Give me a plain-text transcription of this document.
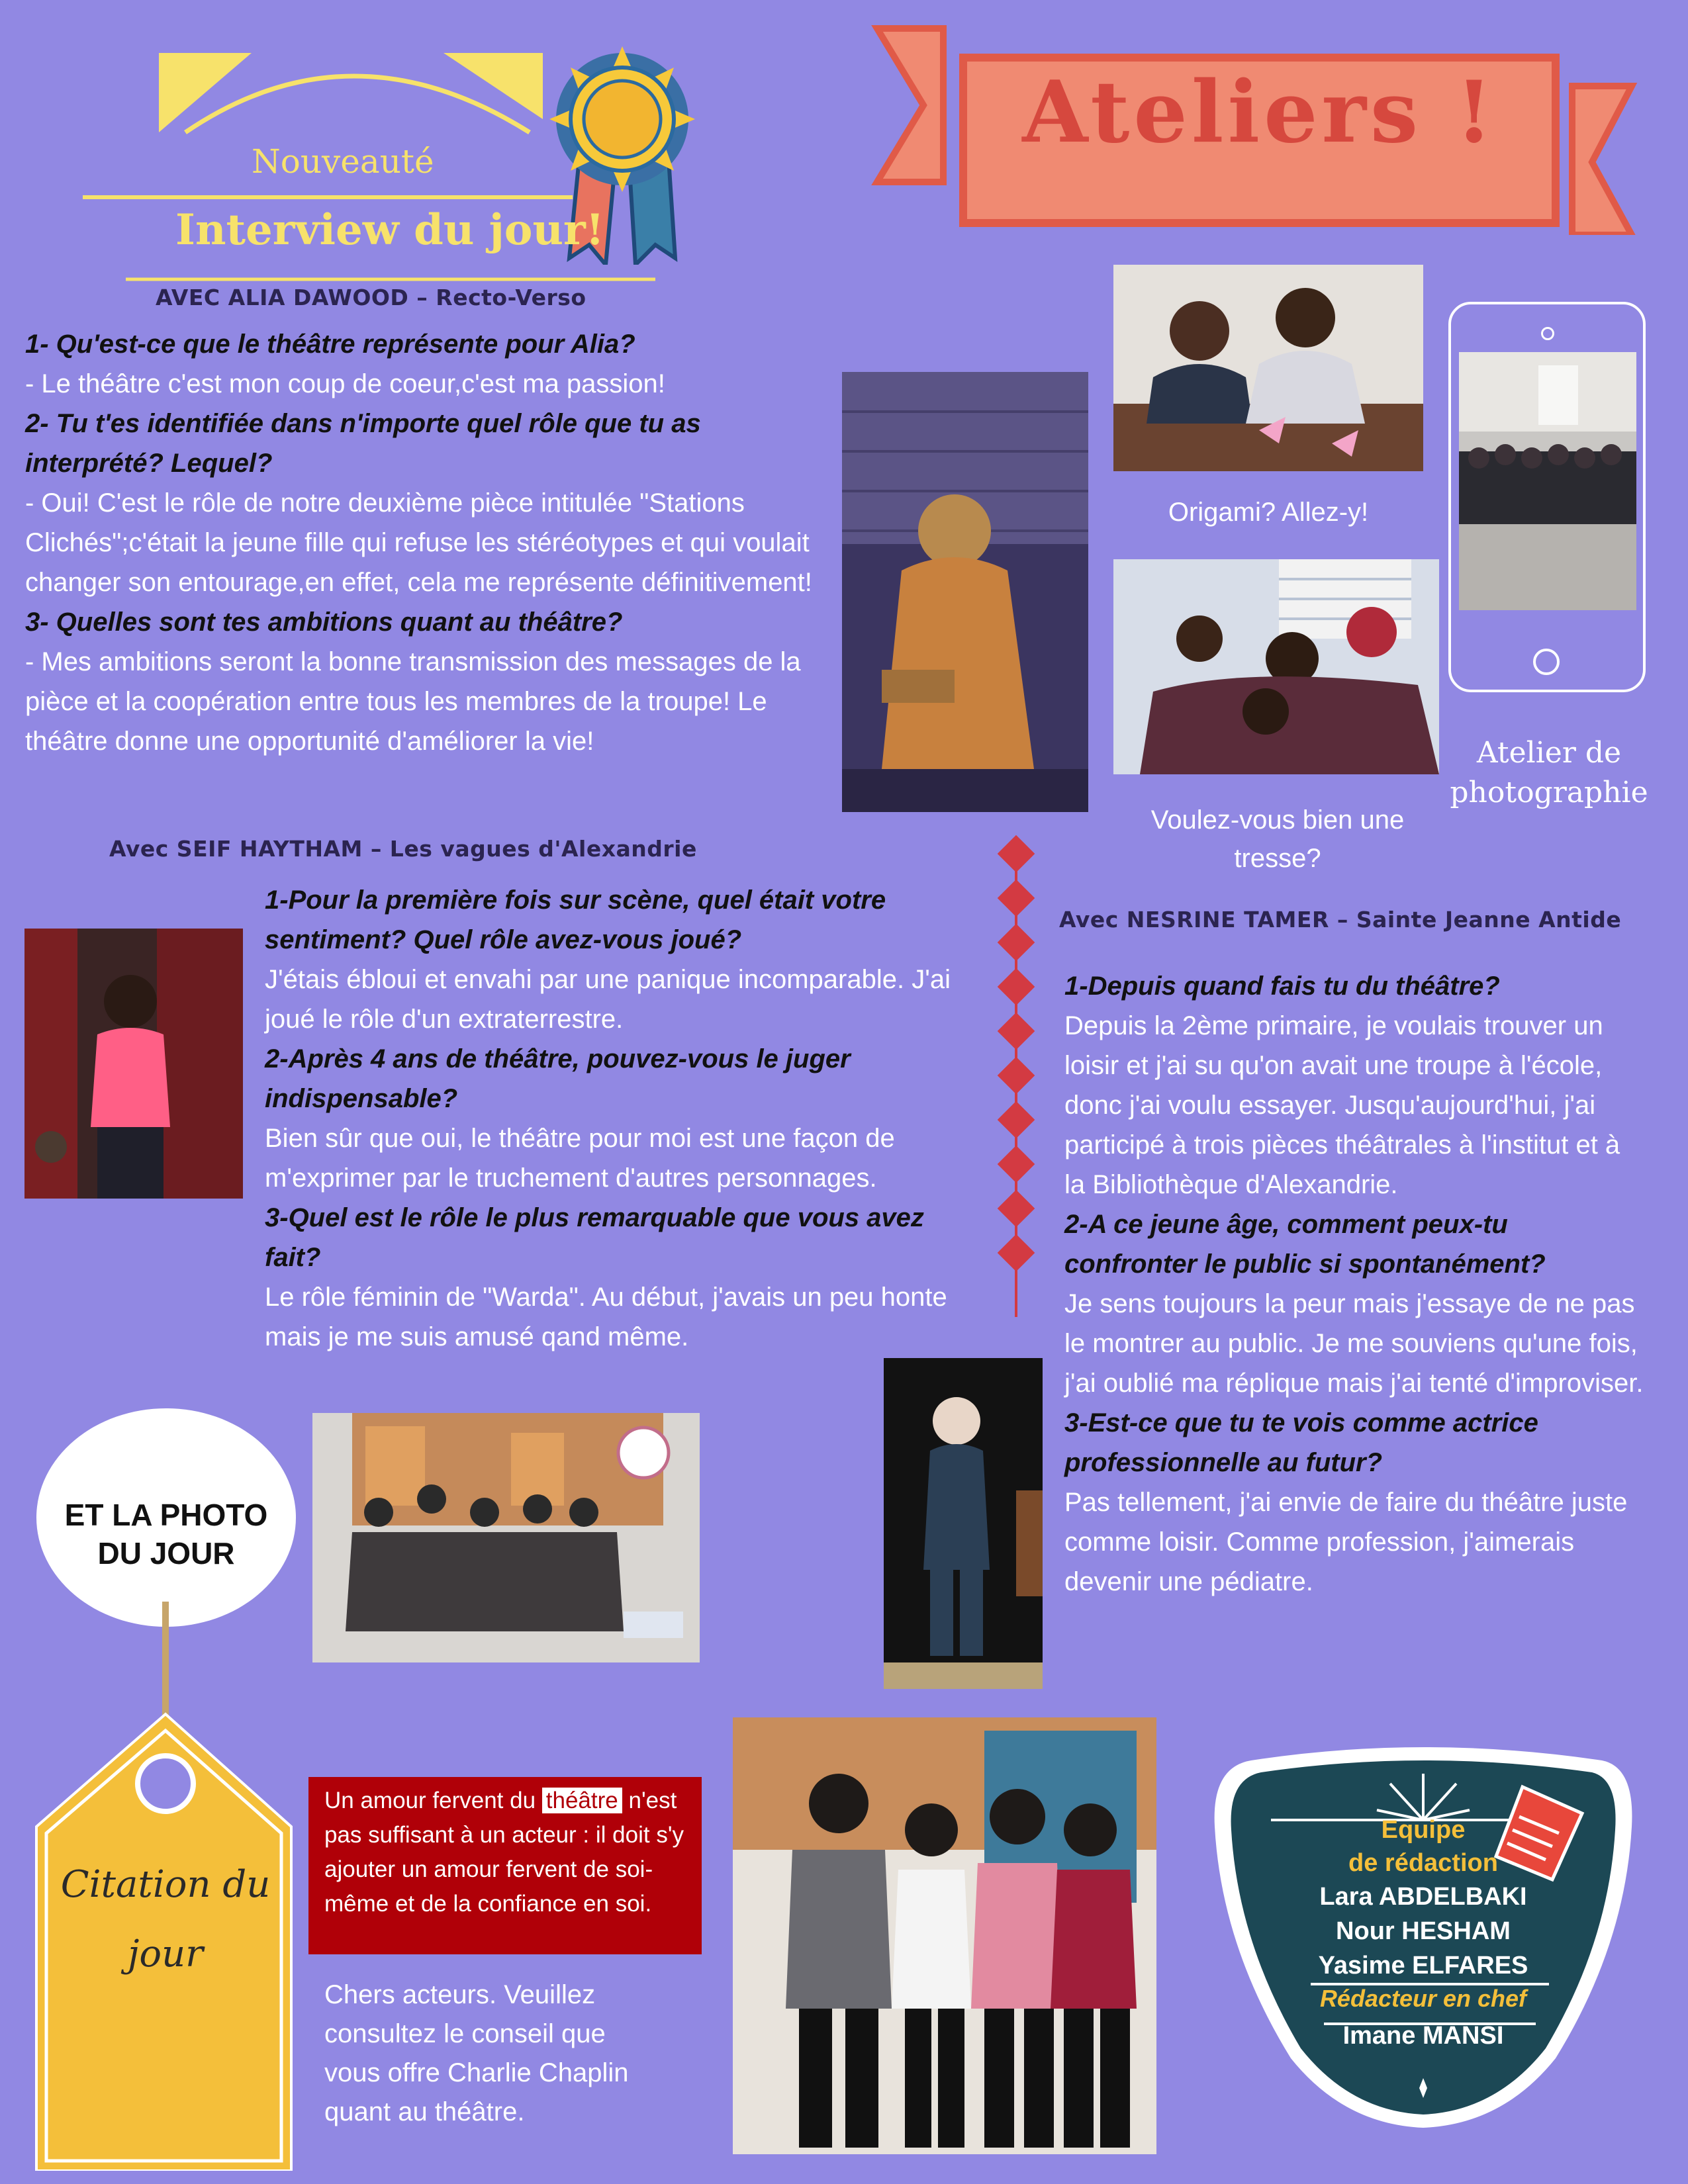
Nouveauté
Interview du jour!
Ateliers !
AVEC ALIA DAWOOD – Recto-Verso
1- Qu'est-ce que le théâtre représente pour Alia?
- Le théâtre c'est mon coup de coeur,c'est ma passion!
2- Tu t'es identifiée dans n'importe quel rôle que tu as interprété? Lequel?
- Oui! C'est le rôle de notre deuxième pièce intitulée "Stations Clichés";c'était la jeune fille qui refuse les stéréotypes et qui voulait changer son entourage,en effet, cela me représente définitivement!
3- Quelles sont tes ambitions quant au théâtre?
- Mes ambitions seront la bonne transmission des messages de la pièce et la coopération entre tous les membres de la troupe! Le théâtre donne une opportunité d'améliorer la vie!
Origami? Allez-y!
Voulez-vous bien une tresse?
Atelier de photographie
Avec SEIF HAYTHAM – Les vagues d'Alexandrie
1-Pour la première fois sur scène, quel était votre sentiment? Quel rôle avez-vous joué?
J'étais ébloui et envahi par une panique incomparable. J'ai joué le rôle d'un extraterrestre.
2-Après 4 ans de théâtre, pouvez-vous le juger indispensable?
Bien sûr que oui, le théâtre pour moi est une façon de m'exprimer par le truchement d'autres personnages.
3-Quel est le rôle le plus remarquable que vous avez fait?
Le rôle féminin de "Warda". Au début, j'avais un peu honte mais je me suis amusé qand même.
Avec NESRINE TAMER – Sainte Jeanne Antide
1-Depuis quand fais tu du théâtre?
Depuis la 2ème primaire, je voulais trouver un loisir et j'ai su qu'on avait une troupe à l'école, donc j'ai voulu essayer. Jusqu'aujourd'hui, j'ai participé à trois pièces théâtrales à l'institut et à la Bibliothèque d'Alexandrie.
2-A ce jeune âge, comment peux-tu confronter le public si spontanément?
Je sens toujours la peur mais j'essaye de ne pas le montrer au public. Je me souviens qu'une fois, j'ai oublié ma réplique mais j'ai tenté d'improviser.
3-Est-ce que tu te vois comme actrice professionnelle au futur?
Pas tellement, j'ai envie de faire du théâtre juste comme loisir. Comme profession, j'aimerais devenir une pédiatre.
ET LA PHOTO
DU JOUR
Citation du
jour
Un amour fervent du théâtre n'est pas suffisant à un acteur : il doit s'y ajouter un amour fervent de soi-même et de la confiance en soi.
Chers acteurs. Veuillez consultez le conseil que vous offre Charlie Chaplin quant au théâtre.
Equipe
de rédaction
Lara ABDELBAKI
Nour HESHAM
Yasime ELFARES
Rédacteur en chef
Imane MANSI
